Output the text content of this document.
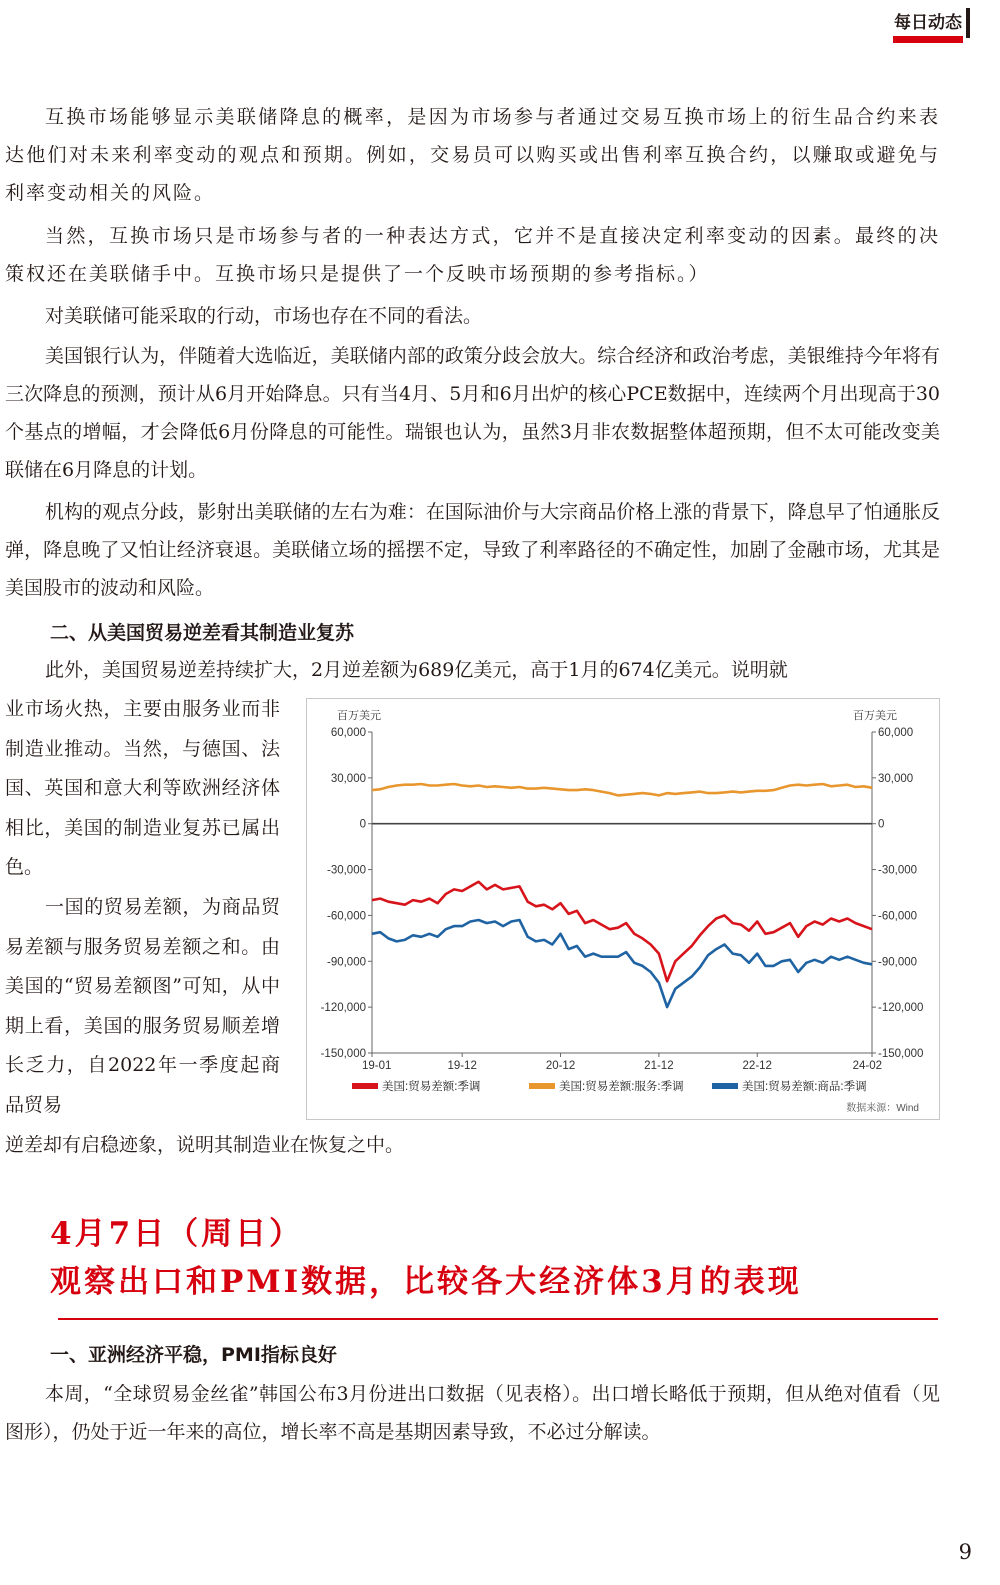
每日动态

互换市场能够显示美联储降息的概率，是因为市场参与者通过交易互换市场上的衍生品合约来表达他们对未来利率变动的观点和预期。例如，交易员可以购买或出售利率互换合约，以赚取或避免与利率变动相关的风险。

当然，互换市场只是市场参与者的一种表达方式，它并不是直接决定利率变动的因素。最终的决策权还在美联储手中。互换市场只是提供了一个反映市场预期的参考指标。）

对美联储可能采取的行动，市场也存在不同的看法。

美国银行认为，伴随着大选临近，美联储内部的政策分歧会放大。综合经济和政治考虑，美银维持今年将有三次降息的预测，预计从6月开始降息。只有当4月、5月和6月出炉的核心PCE数据中，连续两个月出现高于30个基点的增幅，才会降低6月份降息的可能性。瑞银也认为，虽然3月非农数据整体超预期，但不太可能改变美联储在6月降息的计划。

机构的观点分歧，影射出美联储的左右为难：在国际油价与大宗商品价格上涨的背景下，降息早了怕通胀反弹，降息晚了又怕让经济衰退。美联储立场的摇摆不定，导致了利率路径的不确定性，加剧了金融市场，尤其是美国股市的波动和风险。

二、从美国贸易逆差看其制造业复苏

此外，美国贸易逆差持续扩大，2月逆差额为689亿美元，高于1月的674亿美元。说明就

业市场火热，主要由服务业而非制造业推动。当然，与德国、法国、英国和意大利等欧洲经济体相比，美国的制造业复苏已属出色。

一国的贸易差额，为商品贸易差额与服务贸易差额之和。由美国的“贸易差额图”可知，从中期上看，美国的服务贸易顺差增长乏力，自2022年一季度起商品贸易

逆差却有启稳迹象，说明其制造业在恢复之中。

百万美元	百万美元
60,000	60,000
30,000	30,000
0	0
-30,000	-30,000
-60,000	-60,000
-90,000	-90,000
-120,000	-120,000
-150,000	-150,000
19-01	19-12	20-12	21-12	22-12	24-02
美国:贸易差额:季调	美国:贸易差额:服务:季调	美国:贸易差额:商品:季调
数据来源：Wind
4月7日（周日）
观察出口和PMI数据，比较各大经济体3月的表现
一、亚洲经济平稳，PMI指标良好

本周，“全球贸易金丝雀”韩国公布3月份进出口数据（见表格）。出口增长略低于预期，但从绝对值看（见图形），仍处于近一年来的高位，增长率不高是基期因素导致，不必过分解读。

9
